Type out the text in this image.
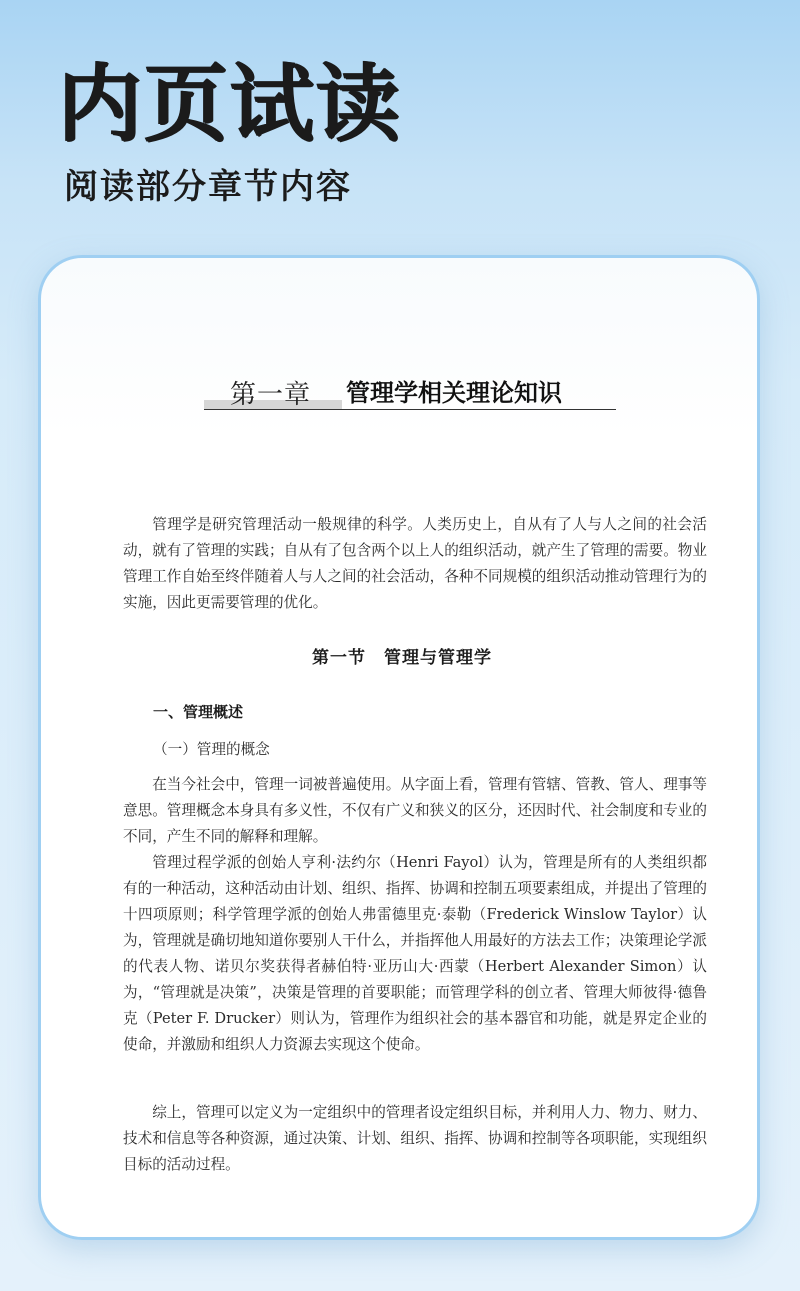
内页试读
阅读部分章节内容

第一章 管理学相关理论知识

管理学是研究管理活动一般规律的科学。人类历史上，自从有了人与人之间的社会活动，就有了管理的实践；自从有了包含两个以上人的组织活动，就产生了管理的需要。物业管理工作自始至终伴随着人与人之间的社会活动，各种不同规模的组织活动推动管理行为的实施，因此更需要管理的优化。

第一节　管理与管理学

一、管理概述

（一）管理的概念

在当今社会中，管理一词被普遍使用。从字面上看，管理有管辖、管教、管人、理事等意思。管理概念本身具有多义性，不仅有广义和狭义的区分，还因时代、社会制度和专业的不同，产生不同的解释和理解。

管理过程学派的创始人亨利·法约尔（Henri Fayol）认为，管理是所有的人类组织都有的一种活动，这种活动由计划、组织、指挥、协调和控制五项要素组成，并提出了管理的十四项原则；科学管理学派的创始人弗雷德里克·泰勒（Frederick Winslow Taylor）认为，管理就是确切地知道你要别人干什么，并指挥他人用最好的方法去工作；决策理论学派的代表人物、诺贝尔奖获得者赫伯特·亚历山大·西蒙（Herbert Alexander Simon）认为，“管理就是决策”，决策是管理的首要职能；而管理学科的创立者、管理大师彼得·德鲁克（Peter F. Drucker）则认为，管理作为组织社会的基本器官和功能，就是界定企业的使命，并激励和组织人力资源去实现这个使命。

综上，管理可以定义为一定组织中的管理者设定组织目标，并利用人力、物力、财力、技术和信息等各种资源，通过决策、计划、组织、指挥、协调和控制等各项职能，实现组织目标的活动过程。
